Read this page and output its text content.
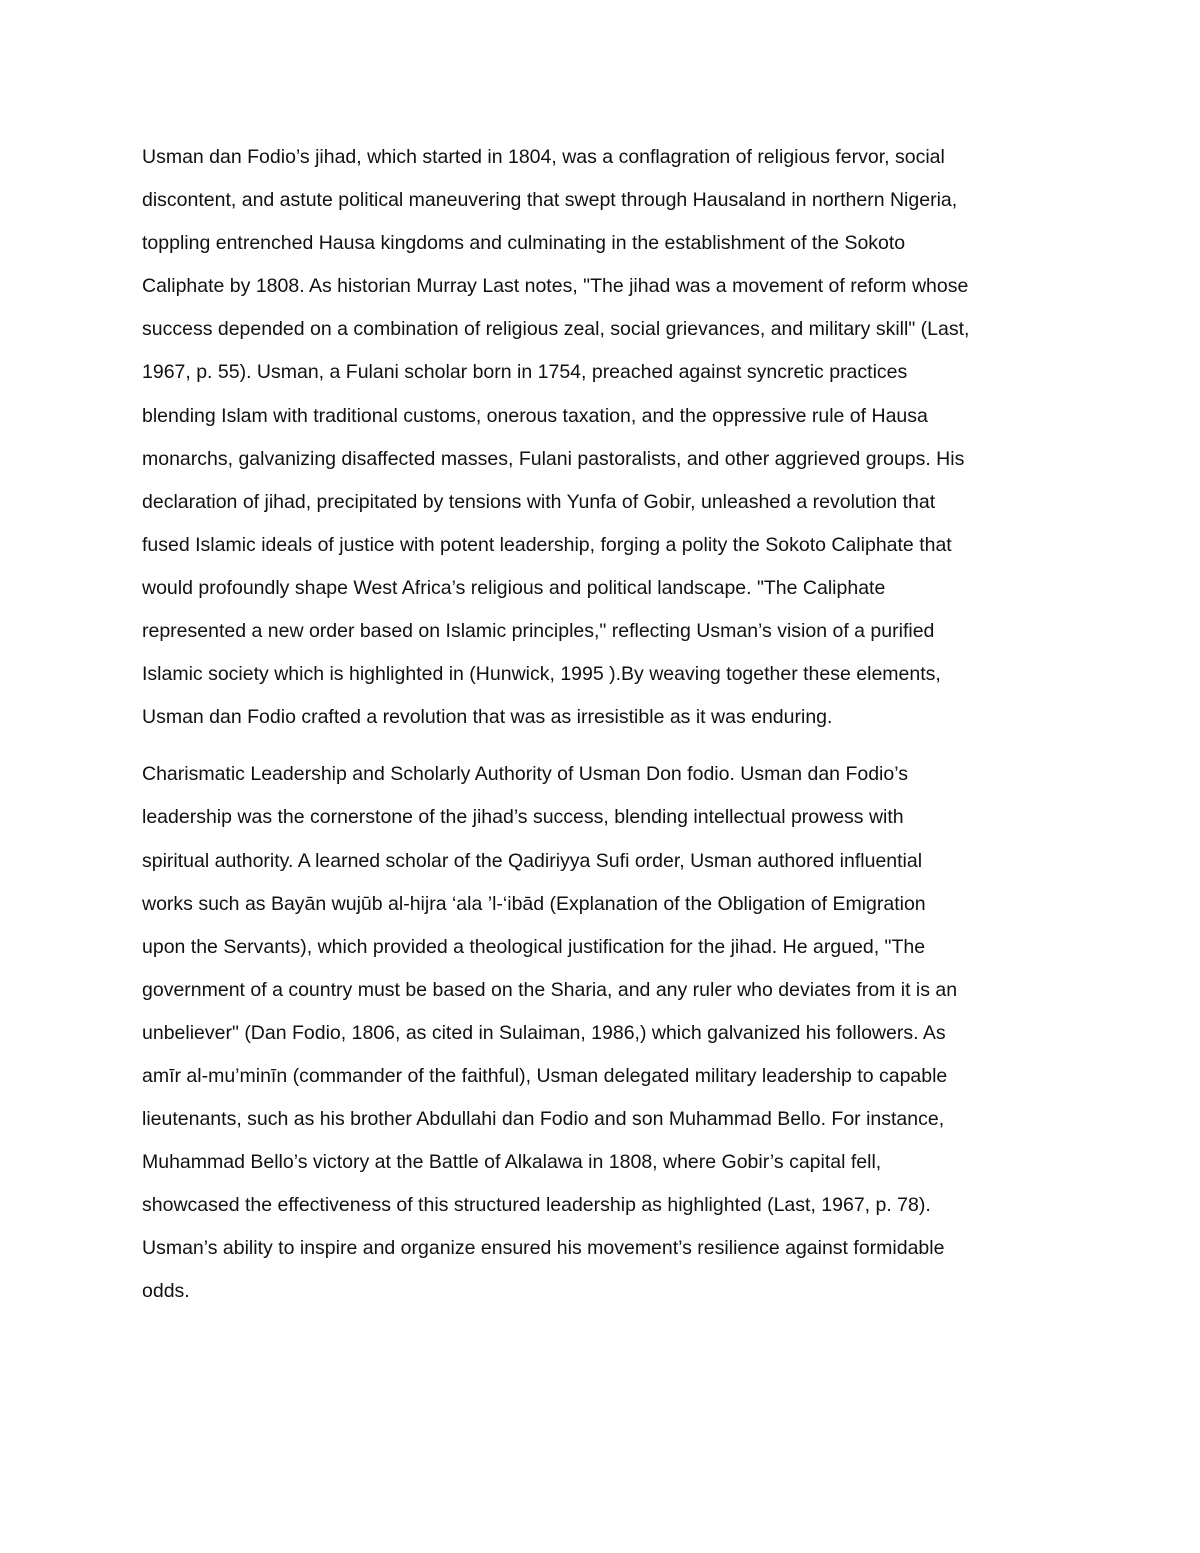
Usman dan Fodio’s jihad, which started in 1804, was a conflagration of religious fervor, social
discontent, and astute political maneuvering that swept through Hausaland in northern Nigeria,
toppling entrenched Hausa kingdoms and culminating in the establishment of the Sokoto
Caliphate by 1808. As historian Murray Last notes, "The jihad was a movement of reform whose
success depended on a combination of religious zeal, social grievances, and military skill" (Last,
1967, p. 55). Usman, a Fulani scholar born in 1754, preached against syncretic practices
blending Islam with traditional customs, onerous taxation, and the oppressive rule of Hausa
monarchs, galvanizing disaffected masses, Fulani pastoralists, and other aggrieved groups. His
declaration of jihad, precipitated by tensions with Yunfa of Gobir, unleashed a revolution that
fused Islamic ideals of justice with potent leadership, forging a polity the Sokoto Caliphate that
would profoundly shape West Africa’s religious and political landscape. "The Caliphate
represented a new order based on Islamic principles," reflecting Usman’s vision of a purified
Islamic society which is highlighted in (Hunwick, 1995 ).By weaving together these elements,
Usman dan Fodio crafted a revolution that was as irresistible as it was enduring.

Charismatic Leadership and Scholarly Authority of Usman Don fodio. Usman dan Fodio’s
leadership was the cornerstone of the jihad’s success, blending intellectual prowess with
spiritual authority. A learned scholar of the Qadiriyya Sufi order, Usman authored influential
works such as Bayān wujūb al-hijra ‘ala ’l-‘ibād (Explanation of the Obligation of Emigration
upon the Servants), which provided a theological justification for the jihad. He argued, "The
government of a country must be based on the Sharia, and any ruler who deviates from it is an
unbeliever" (Dan Fodio, 1806, as cited in Sulaiman, 1986,) which galvanized his followers. As
amīr al-mu’minīn (commander of the faithful), Usman delegated military leadership to capable
lieutenants, such as his brother Abdullahi dan Fodio and son Muhammad Bello. For instance,
Muhammad Bello’s victory at the Battle of Alkalawa in 1808, where Gobir’s capital fell,
showcased the effectiveness of this structured leadership as highlighted (Last, 1967, p. 78).
Usman’s ability to inspire and organize ensured his movement’s resilience against formidable
odds.
